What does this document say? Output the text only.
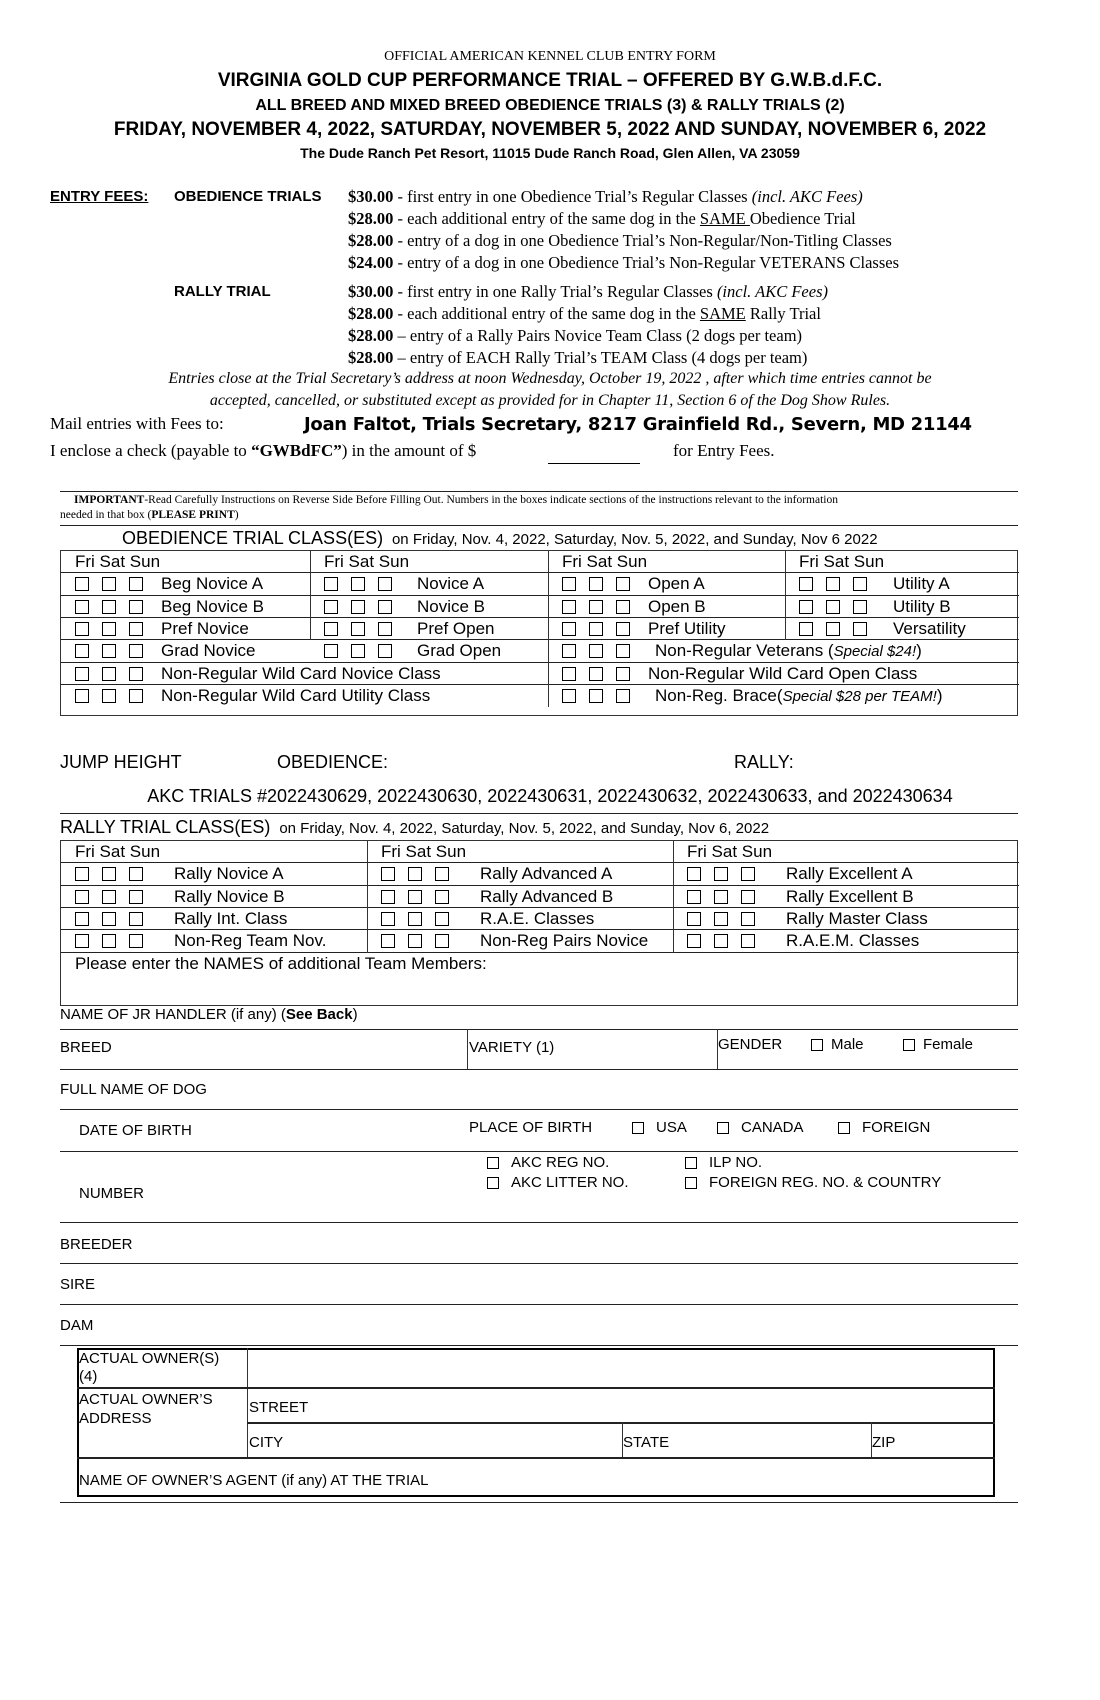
OFFICIAL AMERICAN KENNEL CLUB ENTRY FORM
VIRGINIA GOLD CUP PERFORMANCE TRIAL – OFFERED BY G.W.B.d.F.C.
ALL BREED AND MIXED BREED OBEDIENCE TRIALS (3) & RALLY TRIALS (2)
FRIDAY, NOVEMBER 4, 2022, SATURDAY, NOVEMBER 5, 2022 AND SUNDAY, NOVEMBER 6, 2022
The Dude Ranch Pet Resort, 11015 Dude Ranch Road, Glen Allen, VA 23059
ENTRY FEES: OBEDIENCE TRIALS
RALLY TRIAL
$30.00 - first entry in one Obedience Trial’s Regular Classes (incl. AKC Fees)
$28.00 - each additional entry of the same dog in the SAME Obedience Trial
$28.00 - entry of a dog in one Obedience Trial’s Non-Regular/Non-Titling Classes
$24.00 - entry of a dog in one Obedience Trial’s Non-Regular VETERANS Classes
$30.00 - first entry in one Rally Trial’s Regular Classes (incl. AKC Fees)
$28.00 - each additional entry of the same dog in the SAME Rally Trial
$28.00 – entry of a Rally Pairs Novice Team Class (2 dogs per team)
$28.00 – entry of EACH Rally Trial’s TEAM Class (4 dogs per team)
Entries close at the Trial Secretary’s address at noon Wednesday, October 19, 2022 , after which time entries cannot be
accepted, cancelled, or substituted except as provided for in Chapter 11, Section 6 of the Dog Show Rules.
Mail entries with Fees to:	Joan Faltot, Trials Secretary, 8217 Grainfield Rd., Severn, MD 21144
I enclose a check (payable to “GWBdFC”) in the amount of $	for Entry Fees.
IMPORTANT-Read Carefully Instructions on Reverse Side Before Filling Out. Numbers in the boxes indicate sections of the instructions relevant to the information
needed in that box (PLEASE PRINT)
OBEDIENCE TRIAL CLASS(ES) on Friday, Nov. 4, 2022, Saturday, Nov. 5, 2022, and Sunday, Nov 6 2022
Fri Sat Sun	Fri Sat Sun	Fri Sat Sun	Fri Sat Sun
Beg Novice A	Novice A	Open A	Utility A
Beg Novice B	Novice B	Open B	Utility B
Pref Novice	Pref Open	Pref Utility	Versatility
Grad Novice	Grad Open	Non-Regular Veterans (Special $24!)
Non-Regular Wild Card Novice Class	Non-Regular Wild Card Open Class
Non-Regular Wild Card Utility Class	Non-Reg. Brace(Special $28 per TEAM!)
JUMP HEIGHT	OBEDIENCE:	RALLY:
AKC TRIALS #2022430629, 2022430630, 2022430631, 2022430632, 2022430633, and 2022430634
RALLY TRIAL CLASS(ES) on Friday, Nov. 4, 2022, Saturday, Nov. 5, 2022, and Sunday, Nov 6, 2022
Fri Sat Sun	Fri Sat Sun	Fri Sat Sun
Rally Novice A	Rally Advanced A	Rally Excellent A
Rally Novice B	Rally Advanced B	Rally Excellent B
Rally Int. Class	R.A.E. Classes	Rally Master Class
Non-Reg Team Nov.	Non-Reg Pairs Novice	R.A.E.M. Classes
Please enter the NAMES of additional Team Members:
NAME OF JR HANDLER (if any) (See Back)
BREED	VARIETY (1)	GENDER	Male	Female
FULL NAME OF DOG
DATE OF BIRTH	PLACE OF BIRTH	USA	CANADA	FOREIGN
AKC REG NO.	ILP NO.
AKC LITTER NO.	FOREIGN REG. NO. & COUNTRY
NUMBER
BREEDER
SIRE
DAM
ACTUAL OWNER(S)
(4)
ACTUAL OWNER’S
ADDRESS
STREET
CITY	STATE	ZIP
NAME OF OWNER’S AGENT (if any) AT THE TRIAL
